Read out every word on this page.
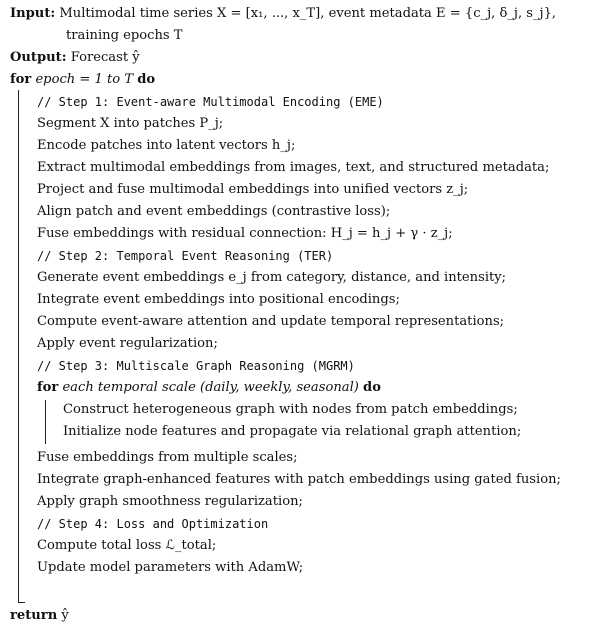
Input: Multimodal time series X = [x₁, ..., x_T], event metadata E = {c_j, δ_j, s_j},
training epochs T
Output: Forecast ŷ
for epoch = 1 to T do
// Step 1: Event-aware Multimodal Encoding (EME)
Segment X into patches P_j;
Encode patches into latent vectors h_j;
Extract multimodal embeddings from images, text, and structured metadata;
Project and fuse multimodal embeddings into unified vectors z_j;
Align patch and event embeddings (contrastive loss);
Fuse embeddings with residual connection: H_j = h_j + γ · z_j;
// Step 2: Temporal Event Reasoning (TER)
Generate event embeddings e_j from category, distance, and intensity;
Integrate event embeddings into positional encodings;
Compute event-aware attention and update temporal representations;
Apply event regularization;
// Step 3: Multiscale Graph Reasoning (MGRM)
for each temporal scale (daily, weekly, seasonal) do
Construct heterogeneous graph with nodes from patch embeddings;
Initialize node features and propagate via relational graph attention;
Fuse embeddings from multiple scales;
Integrate graph-enhanced features with patch embeddings using gated fusion;
Apply graph smoothness regularization;
// Step 4: Loss and Optimization
Compute total loss ℒ_total;
Update model parameters with AdamW;
return ŷ
